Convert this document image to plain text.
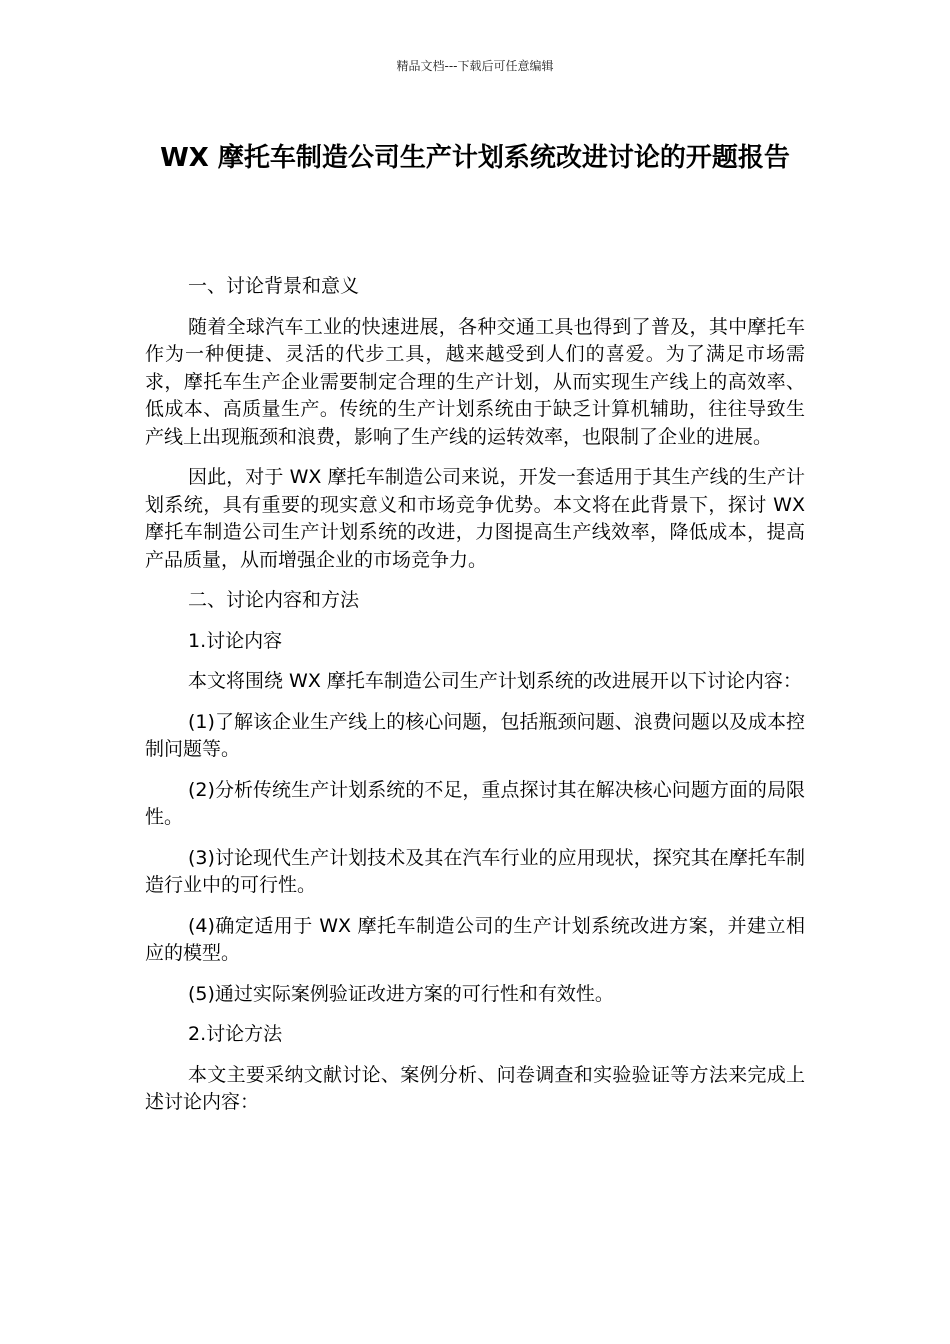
精品文档---下载后可任意编辑
WX 摩托车制造公司生产计划系统改进讨论的开题报告

一、讨论背景和意义

随着全球汽车工业的快速进展，各种交通工具也得到了普及，其中摩托车作为一种便捷、灵活的代步工具，越来越受到人们的喜爱。为了满足市场需求，摩托车生产企业需要制定合理的生产计划，从而实现生产线上的高效率、低成本、高质量生产。传统的生产计划系统由于缺乏计算机辅助，往往导致生产线上出现瓶颈和浪费，影响了生产线的运转效率，也限制了企业的进展。

因此，对于 WX 摩托车制造公司来说，开发一套适用于其生产线的生产计划系统，具有重要的现实意义和市场竞争优势。本文将在此背景下，探讨 WX 摩托车制造公司生产计划系统的改进，力图提高生产线效率，降低成本，提高产品质量，从而增强企业的市场竞争力。

二、讨论内容和方法

1.讨论内容

本文将围绕 WX 摩托车制造公司生产计划系统的改进展开以下讨论内容：

(1)了解该企业生产线上的核心问题，包括瓶颈问题、浪费问题以及成本控制问题等。

(2)分析传统生产计划系统的不足，重点探讨其在解决核心问题方面的局限性。

(3)讨论现代生产计划技术及其在汽车行业的应用现状，探究其在摩托车制造行业中的可行性。

(4)确定适用于 WX 摩托车制造公司的生产计划系统改进方案，并建立相应的模型。

(5)通过实际案例验证改进方案的可行性和有效性。

2.讨论方法

本文主要采纳文献讨论、案例分析、问卷调查和实验验证等方法来完成上述讨论内容：
